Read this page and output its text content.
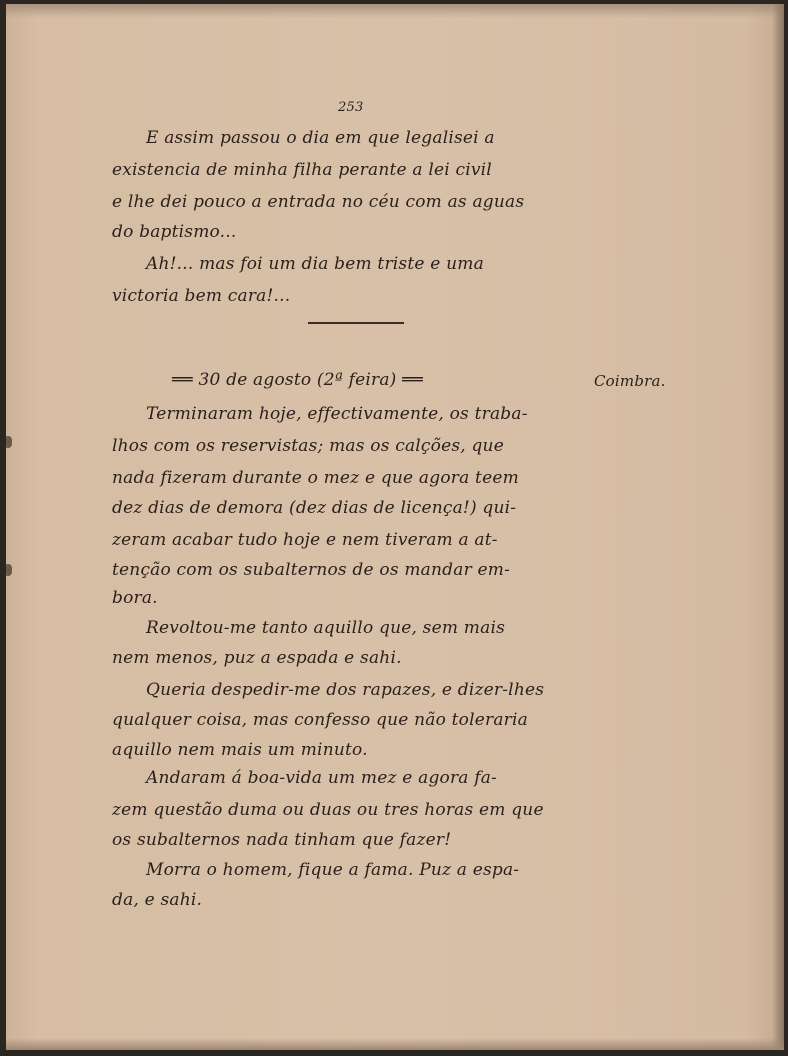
253

E assim passou o dia em que legalisei a

existencia de minha filha perante a lei civil

e lhe dei pouco a entrada no céu com as aguas

do baptismo...

Ah!... mas foi um dia bem triste e uma

victoria bem cara!...

══ 30 de agosto (2ª feira) ══	Coimbra.

Terminaram hoje, effectivamente, os traba-

lhos com os reservistas; mas os calções, que

nada fizeram durante o mez e que agora teem

dez dias de demora (dez dias de licença!) qui-

zeram acabar tudo hoje e nem tiveram a at-

tenção com os subalternos de os mandar em-

bora.

Revoltou-me tanto aquillo que, sem mais

nem menos, puz a espada e sahi.

Queria despedir-me dos rapazes, e dizer-lhes

qualquer coisa, mas confesso que não toleraria

aquillo nem mais um minuto.

Andaram á boa-vida um mez e agora fa-

zem questão duma ou duas ou tres horas em que

os subalternos nada tinham que fazer!

Morra o homem, fique a fama. Puz a espa-

da, e sahi.
